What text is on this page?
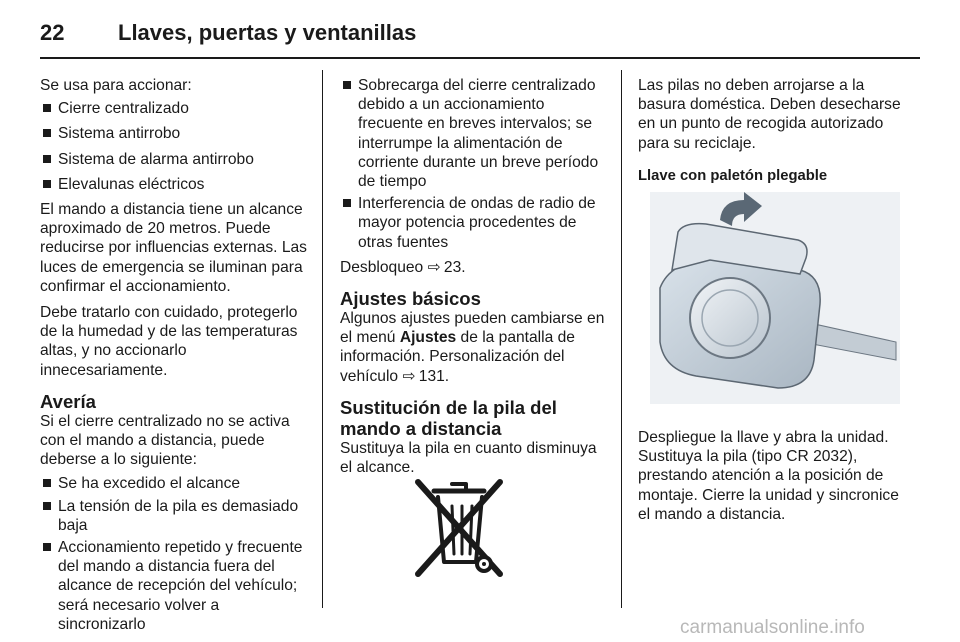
22 Llaves, puertas y ventanillas

Se usa para accionar:

Cierre centralizado
Sistema antirrobo
Sistema de alarma antirrobo
Elevalunas eléctricos

El mando a distancia tiene un alcance aproximado de 20 metros. Puede reducirse por influencias externas. Las luces de emergencia se iluminan para confirmar el accionamiento.

Debe tratarlo con cuidado, protegerlo de la humedad y de las temperaturas altas, y no accionarlo innecesariamente.

Avería

Si el cierre centralizado no se activa con el mando a distancia, puede deberse a lo siguiente:

Se ha excedido el alcance
La tensión de la pila es demasiado baja
Accionamiento repetido y frecuente del mando a distancia fuera del alcance de recepción del vehículo; será necesario volver a sincronizarlo
Sobrecarga del cierre centralizado debido a un accionamiento frecuente en breves intervalos; se interrumpe la alimentación de corriente durante un breve período de tiempo
Interferencia de ondas de radio de mayor potencia procedentes de otras fuentes

Desbloqueo ⇨ 23.

Ajustes básicos

Algunos ajustes pueden cambiarse en el menú Ajustes de la pantalla de información. Personalización del vehículo ⇨ 131.

Sustitución de la pila del mando a distancia

Sustituya la pila en cuanto disminuya el alcance.

Las pilas no deben arrojarse a la basura doméstica. Deben desecharse en un punto de recogida autorizado para su reciclaje.

Llave con paletón plegable

Despliegue la llave y abra la unidad. Sustituya la pila (tipo CR 2032), prestando atención a la posición de montaje. Cierre la unidad y sincronice el mando a distancia.

carmanualsonline.info
